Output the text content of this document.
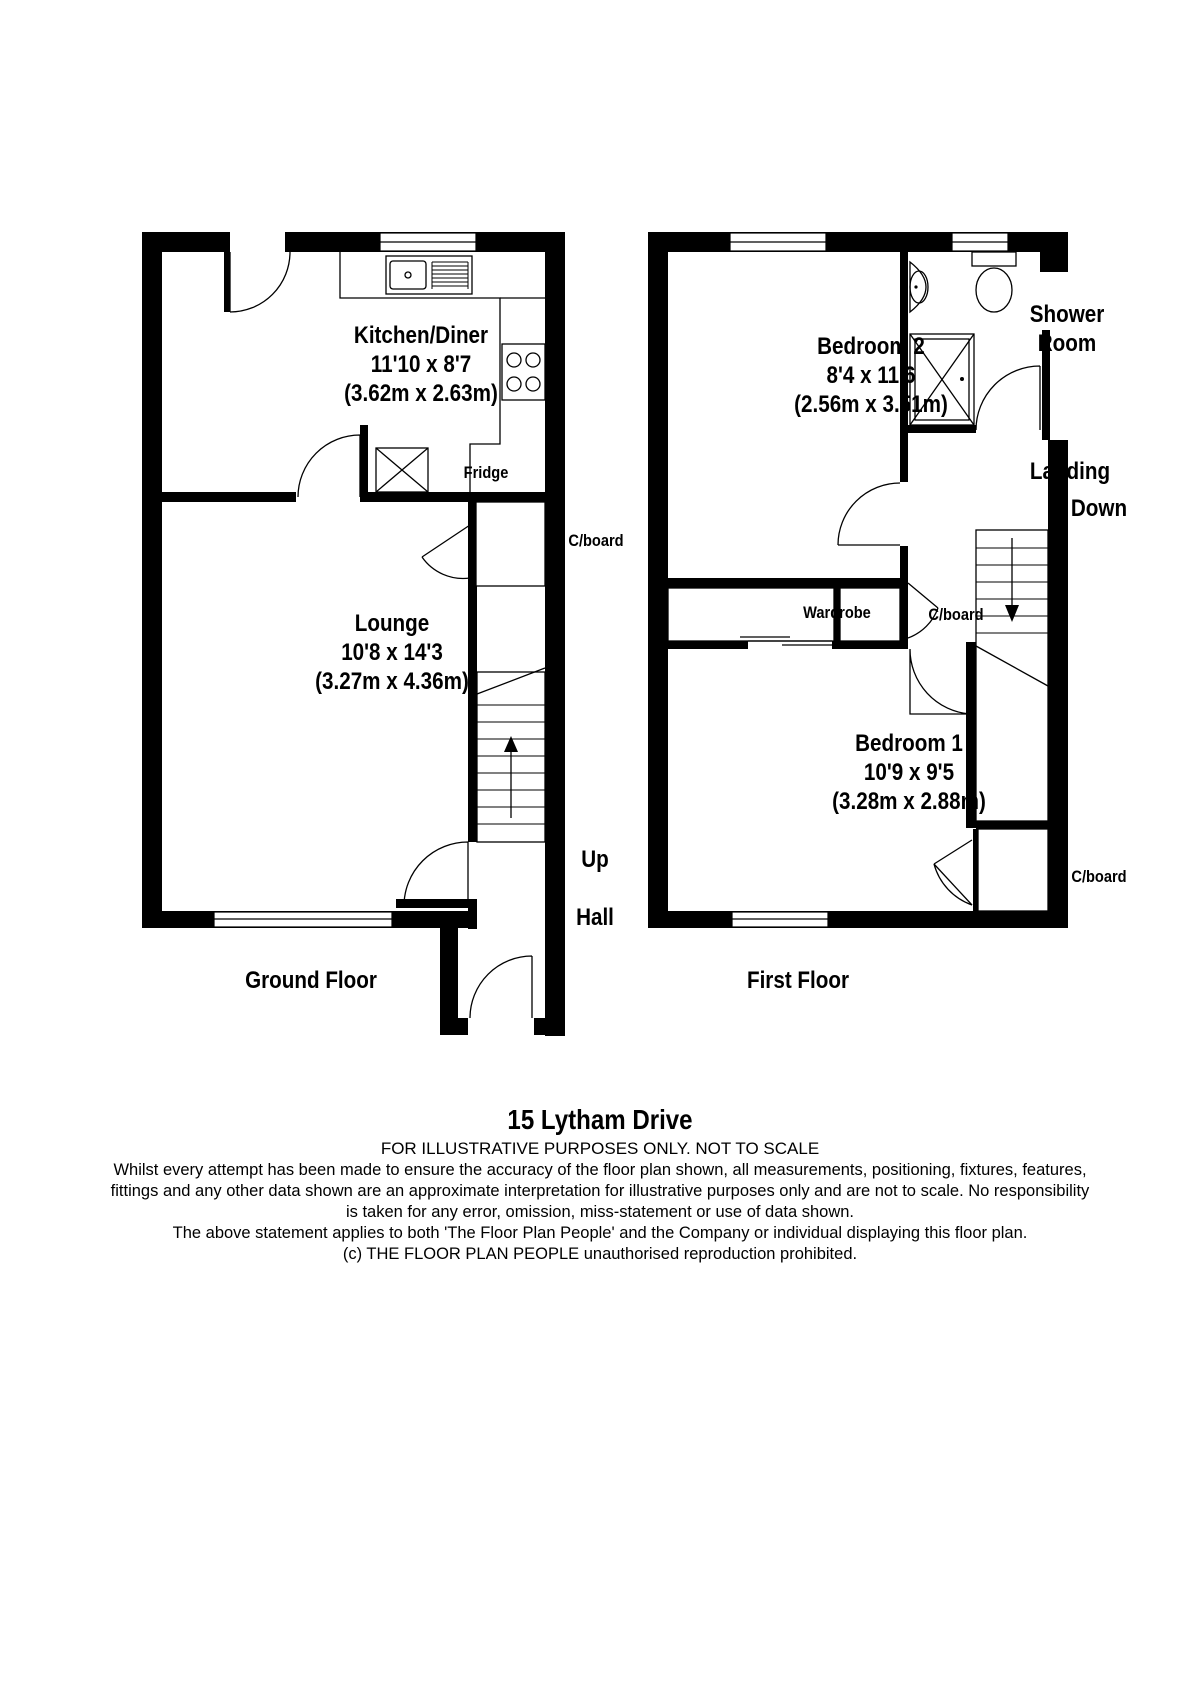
Kitchen/Diner
11'10 x 8'7
(3.62m x 2.63m)
Fridge
C/board
Lounge
10'8 x 14'3
(3.27m x 4.36m)
Up
Hall
Ground Floor
Bedroom 2
8'4 x 11'6
(2.56m x 3.51m)
Shower
Room
Landing
Down
Wardrobe	C/board
Bedroom 1
10'9 x 9'5
(3.28m x 2.88m)
C/board
First Floor
15 Lytham Drive
FOR ILLUSTRATIVE PURPOSES ONLY. NOT TO SCALE
Whilst every attempt has been made to ensure the accuracy of the floor plan shown, all measurements, positioning, fixtures, features,
fittings and any other data shown are an approximate interpretation for illustrative purposes only and are not to scale. No responsibility
is taken for any error, omission, miss-statement or use of data shown.
The above statement applies to both 'The Floor Plan People' and the Company or individual displaying this floor plan.
(c) THE FLOOR PLAN PEOPLE unauthorised reproduction prohibited.
